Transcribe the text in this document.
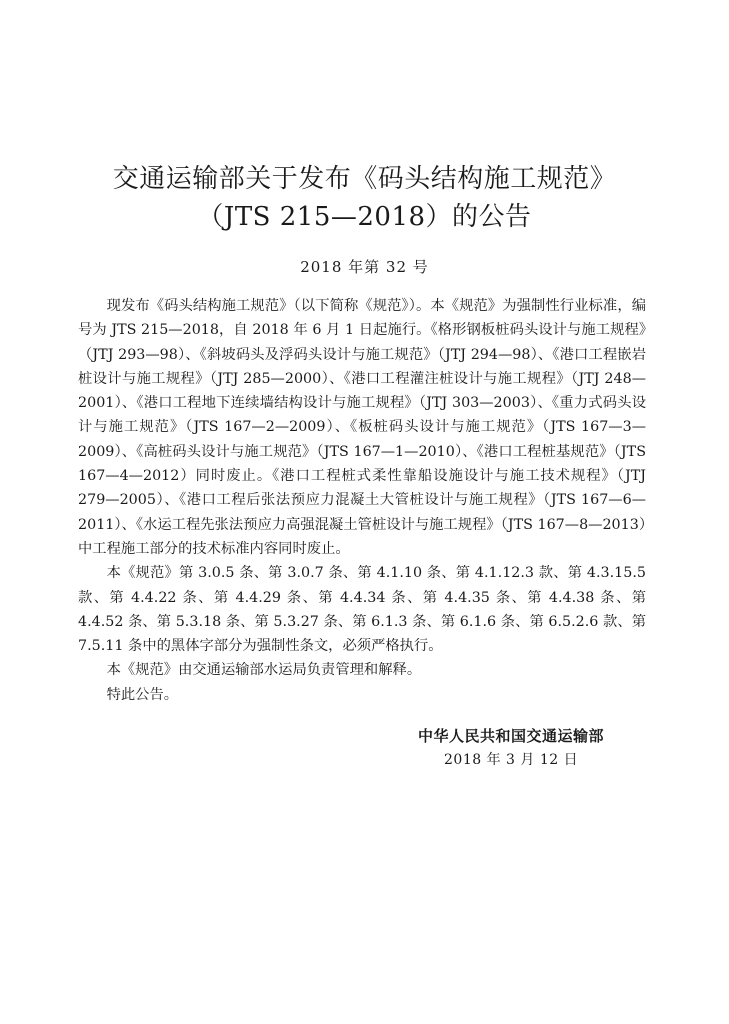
交通运输部关于发布《码头结构施工规范》
（JTS 215—2018）的公告

2018 年第 32 号

现发布《码头结构施工规范》（以下简称《规范》）。本《规范》为强制性行业标准，编号为 JTS 215—2018，自 2018 年 6 月 1 日起施行。《格形钢板桩码头设计与施工规程》（JTJ 293—98）、《斜坡码头及浮码头设计与施工规范》（JTJ 294—98）、《港口工程嵌岩桩设计与施工规程》（JTJ 285—2000）、《港口工程灌注桩设计与施工规程》（JTJ 248—2001）、《港口工程地下连续墙结构设计与施工规程》（JTJ 303—2003）、《重力式码头设计与施工规范》（JTS 167—2—2009）、《板桩码头设计与施工规范》（JTS 167—3—2009）、《高桩码头设计与施工规范》（JTS 167—1—2010）、《港口工程桩基规范》（JTS 167—4—2012）同时废止。《港口工程桩式柔性靠船设施设计与施工技术规程》（JTJ 279—2005）、《港口工程后张法预应力混凝土大管桩设计与施工规程》（JTS 167—6—2011）、《水运工程先张法预应力高强混凝土管桩设计与施工规程》（JTS 167—8—2013）中工程施工部分的技术标准内容同时废止。

本《规范》第 3.0.5 条、第 3.0.7 条、第 4.1.10 条、第 4.1.12.3 款、第 4.3.15.5 款、第 4.4.22 条、第 4.4.29 条、第 4.4.34 条、第 4.4.35 条、第 4.4.38 条、第 4.4.52 条、第 5.3.18 条、第 5.3.27 条、第 6.1.3 条、第 6.1.6 条、第 6.5.2.6 款、第 7.5.11 条中的黑体字部分为强制性条文，必须严格执行。

本《规范》由交通运输部水运局负责管理和解释。

特此公告。

中华人民共和国交通运输部

2018 年 3 月 12 日
